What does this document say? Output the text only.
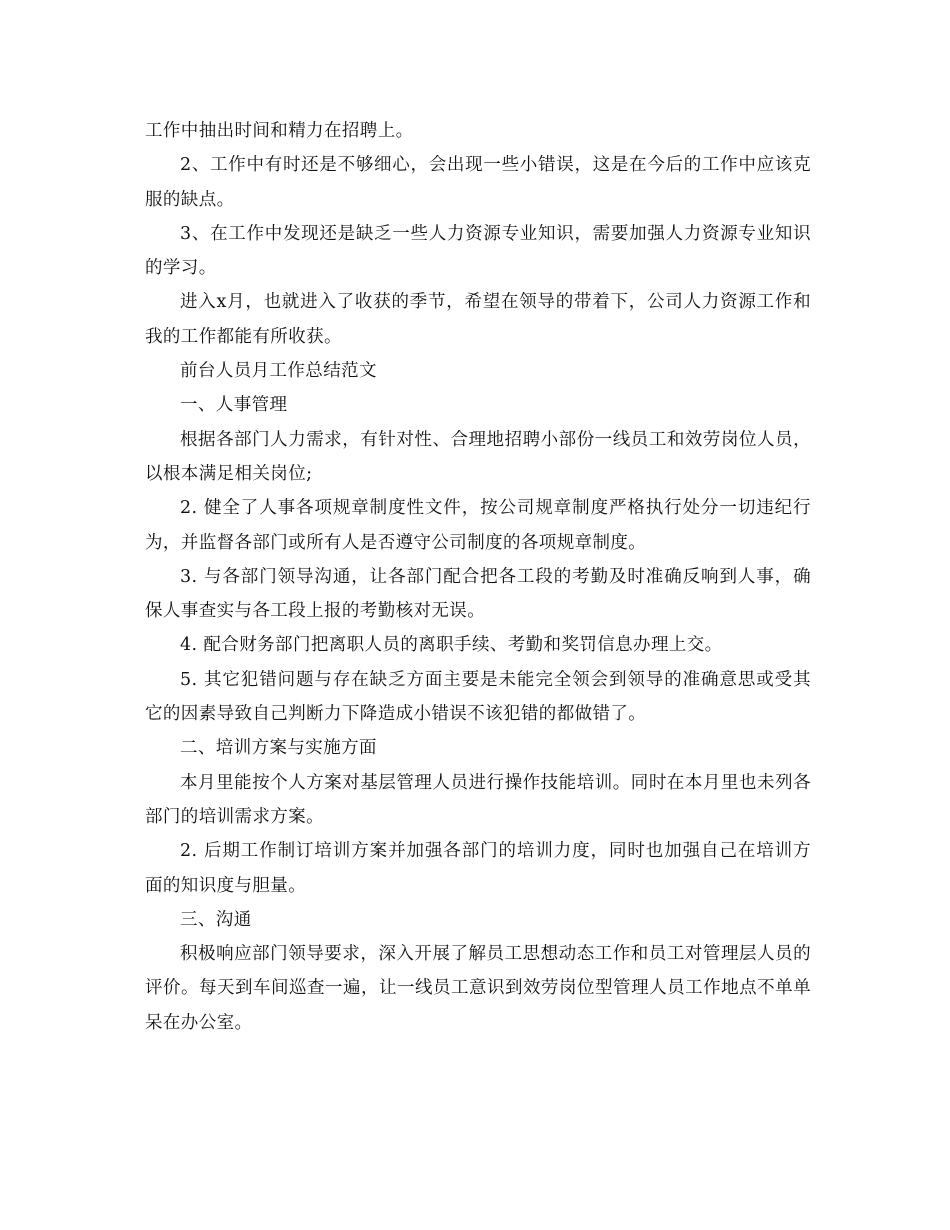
工作中抽出时间和精力在招聘上。

2、工作中有时还是不够细心，会出现一些小错误，这是在今后的工作中应该克服的缺点。

3、在工作中发现还是缺乏一些人力资源专业知识，需要加强人力资源专业知识的学习。

进入x月，也就进入了收获的季节，希望在领导的带着下，公司人力资源工作和我的工作都能有所收获。

前台人员月工作总结范文

一、人事管理

根据各部门人力需求，有针对性、合理地招聘小部份一线员工和效劳岗位人员，以根本满足相关岗位;

2. 健全了人事各项规章制度性文件，按公司规章制度严格执行处分一切违纪行为，并监督各部门或所有人是否遵守公司制度的各项规章制度。

3. 与各部门领导沟通，让各部门配合把各工段的考勤及时准确反响到人事，确保人事查实与各工段上报的考勤核对无误。

4. 配合财务部门把离职人员的离职手续、考勤和奖罚信息办理上交。

5. 其它犯错问题与存在缺乏方面主要是未能完全领会到领导的准确意思或受其它的因素导致自己判断力下降造成小错误不该犯错的都做错了。

二、培训方案与实施方面

本月里能按个人方案对基层管理人员进行操作技能培训。同时在本月里也未列各部门的培训需求方案。

2. 后期工作制订培训方案并加强各部门的培训力度，同时也加强自己在培训方面的知识度与胆量。

三、沟通

积极响应部门领导要求，深入开展了解员工思想动态工作和员工对管理层人员的评价。每天到车间巡查一遍，让一线员工意识到效劳岗位型管理人员工作地点不单单呆在办公室。
